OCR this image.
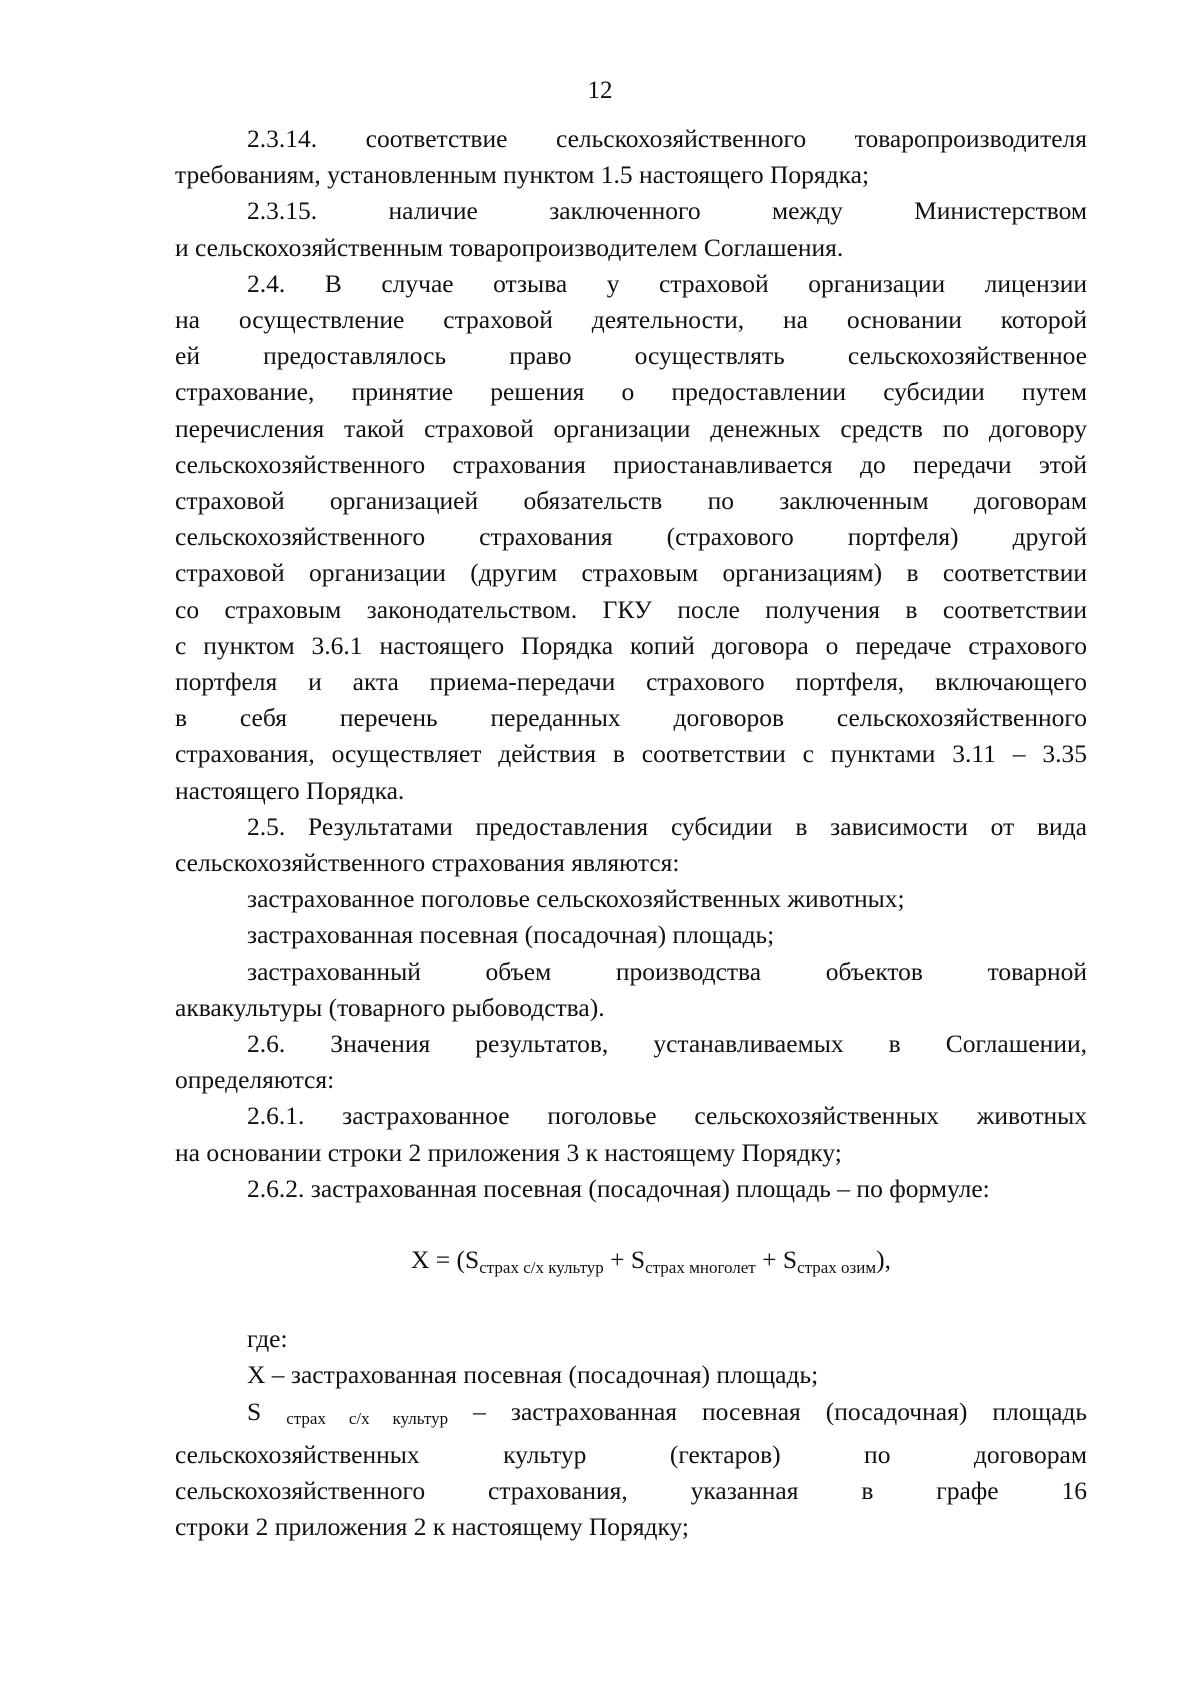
12
2.3.14. соответствие сельскохозяйственного товаропроизводителя
требованиям, установленным пунктом 1.5 настоящего Порядка;
2.3.15. наличие заключенного между Министерством
и сельскохозяйственным товаропроизводителем Соглашения.
2.4. В случае отзыва у страховой организации лицензии
на осуществление страховой деятельности, на основании которой
ей предоставлялось право осуществлять сельскохозяйственное
страхование, принятие решения о предоставлении субсидии путем
перечисления такой страховой организации денежных средств по договору
сельскохозяйственного страхования приостанавливается до передачи этой
страховой организацией обязательств по заключенным договорам
сельскохозяйственного страхования (страхового портфеля) другой
страховой организации (другим страховым организациям) в соответствии
со страховым законодательством. ГКУ после получения в соответствии
с пунктом 3.6.1 настоящего Порядка копий договора о передаче страхового
портфеля и акта приема-передачи страхового портфеля, включающего
в себя перечень переданных договоров сельскохозяйственного
страхования, осуществляет действия в соответствии с пунктами 3.11 – 3.35
настоящего Порядка.
2.5. Результатами предоставления субсидии в зависимости от вида
сельскохозяйственного страхования являются:
застрахованное поголовье сельскохозяйственных животных;
застрахованная посевная (посадочная) площадь;
застрахованный объем производства объектов товарной
аквакультуры (товарного рыбоводства).
2.6. Значения результатов, устанавливаемых в Соглашении,
определяются:
2.6.1. застрахованное поголовье сельскохозяйственных животных
на основании строки 2 приложения 3 к настоящему Порядку;
2.6.2. застрахованная посевная (посадочная) площадь – по формуле:
$X = (S_{страх с/х культур} + S_{страх многолет} + S_{страх озим})$,
где:
X – застрахованная посевная (посадочная) площадь;
S страх с/х культур – застрахованная посевная (посадочная) площадь
сельскохозяйственных культур (гектаров) по договорам
сельскохозяйственного страхования, указанная в графе 16
строки 2 приложения 2 к настоящему Порядку;
